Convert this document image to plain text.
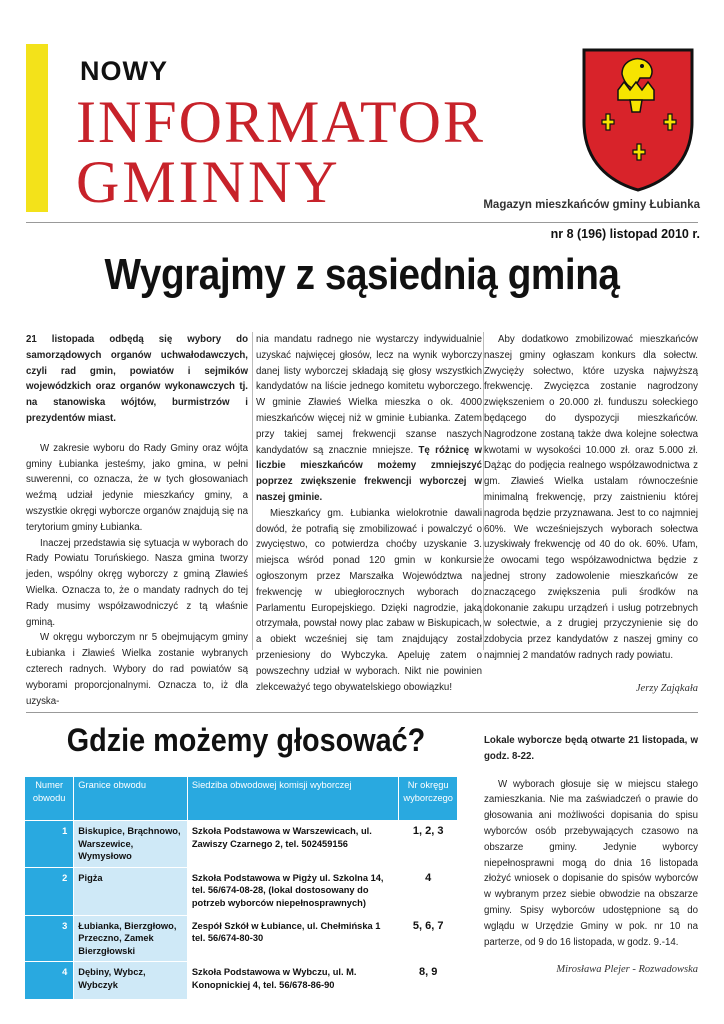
NOWY
INFORMATOR
GMINNY	Magazyn mieszkańców gminy Łubianka
nr 8 (196) listopad 2010 r.
Wygrajmy z sąsiednią gminą

21 listopada odbędą się wybory do samorządowych organów uchwałodawczych, czyli rad gmin, powiatów i sejmików wojewódzkich oraz organów wykonawczych tj. na stanowiska wójtów, burmistrzów i prezydentów miast.

W zakresie wyboru do Rady Gminy oraz wójta gminy Łubianka jesteśmy, jako gmina, w pełni suwerenni, co oznacza, że w tych głosowaniach weźmą udział jedynie mieszkańcy gminy, a wszystkie okręgi wyborcze organów znajdują się na terytorium gminy Łubianka.

Inaczej przedstawia się sytuacja w wyborach do Rady Powiatu Toruńskiego. Nasza gmina tworzy jeden, wspólny okręg wyborczy z gminą Zławieś Wielka. Oznacza to, że o mandaty radnych do tej Rady musimy współzawodniczyć z tą właśnie gminą.

W okręgu wyborczym nr 5 obejmującym gminy Łubianka i Zławieś Wielka zostanie wybranych czterech radnych. Wybory do rad powiatów są wyborami proporcjonalnymi. Oznacza to, iż dla uzyska-

nia mandatu radnego nie wystarczy indywidualnie uzyskać najwięcej głosów, lecz na wynik wyborczy danej listy wyborczej składają się głosy wszystkich kandydatów na liście jednego komitetu wyborczego. W gminie Zławieś Wielka mieszka o ok. 4000 mieszkańców więcej niż w gminie Łubianka. Zatem przy takiej samej frekwencji szanse naszych kandydatów są znacznie mniejsze. Tę różnicę w liczbie mieszkańców możemy zmniejszyć poprzez zwiększenie frekwencji wyborczej w naszej gminie.

Mieszkańcy gm. Łubianka wielokrotnie dawali dowód, że potrafią się zmobilizować i powalczyć o zwycięstwo, co potwierdza choćby uzyskanie 3. miejsca wśród ponad 120 gmin w konkursie ogłoszonym przez Marszałka Województwa na frekwencję w ubiegłorocznych wyborach do Parlamentu Europejskiego. Dzięki nagrodzie, jaką otrzymała, powstał nowy plac zabaw w Biskupicach, a obiekt wcześniej się tam znajdujący został przeniesiony do Wybczyka. Apeluję zatem o powszechny udział w wyborach. Nikt nie powinien zlekceważyć tego obywatelskiego obowiązku!

Aby dodatkowo zmobilizować mieszkańców naszej gminy ogłaszam konkurs dla sołectw. Zwycięży sołectwo, które uzyska najwyższą frekwencję. Zwycięzca zostanie nagrodzony zwiększeniem o 20.000 zł. funduszu sołeckiego będącego do dyspozycji mieszkańców. Nagrodzone zostaną także dwa kolejne sołectwa kwotami w wysokości 10.000 zł. oraz 5.000 zł. Dążąc do podjęcia realnego współzawodnictwa z gm. Zławieś Wielka ustalam równocześnie minimalną frekwencję, przy zaistnieniu której nagroda będzie przyznawana. Jest to co najmniej 60%. We wcześniejszych wyborach sołectwa uzyskiwały frekwencję od 40 do ok. 60%. Ufam, że owocami tego współzawodnictwa będzie z jednej strony zadowolenie mieszkańców ze znaczącego zwiększenia puli środków na dokonanie zakupu urządzeń i usług potrzebnych w sołectwie, a z drugiej przyczynienie się do zdobycia przez kandydatów z naszej gminy co najmniej 2 mandatów radnych rady powiatu.

Jerzy Zająkała
Gdzie możemy głosować?
Numer obwodu	Granice obwodu	Siedziba obwodowej komisji wyborczej	Nr okręgu wyborczego
1	Biskupice, Brąchnowo, Warszewice, Wymysłowo	Szkoła Podstawowa w Warszewicach, ul. Zawiszy Czarnego 2, tel. 502459156	1, 2, 3
2	Pigża	Szkoła Podstawowa w Pigży ul. Szkolna 14, tel. 56/674-08-28, (lokal dostosowany do potrzeb wyborców niepełnosprawnych)	4
3	Łubianka, Bierzgłowo, Przeczno, Zamek Bierzgłowski	Zespół Szkół w Łubiance, ul. Chełmińska 1 tel. 56/674-80-30	5, 6, 7
4	Dębiny, Wybcz, Wybczyk	Szkoła Podstawowa w Wybczu, ul. M. Konopnickiej 4, tel. 56/678-86-90	8, 9

Lokale wyborcze będą otwarte 21 listopada, w godz. 8-22.

W wyborach głosuje się w miejscu stałego zamieszkania. Nie ma zaświadczeń o prawie do głosowania ani możliwości dopisania do spisu wyborców osób przebywających czasowo na obszarze gminy. Jedynie wyborcy niepełnosprawni mogą do dnia 16 listopada złożyć wniosek o dopisanie do spisów wyborców w wybranym przez siebie obwodzie na obszarze gminy. Spisy wyborców udostępnione są do wglądu w Urzędzie Gminy w pok. nr 10 na parterze, od 9 do 16 listopada, w godz. 9.-14.

Mirosława Plejer - Rozwadowska
